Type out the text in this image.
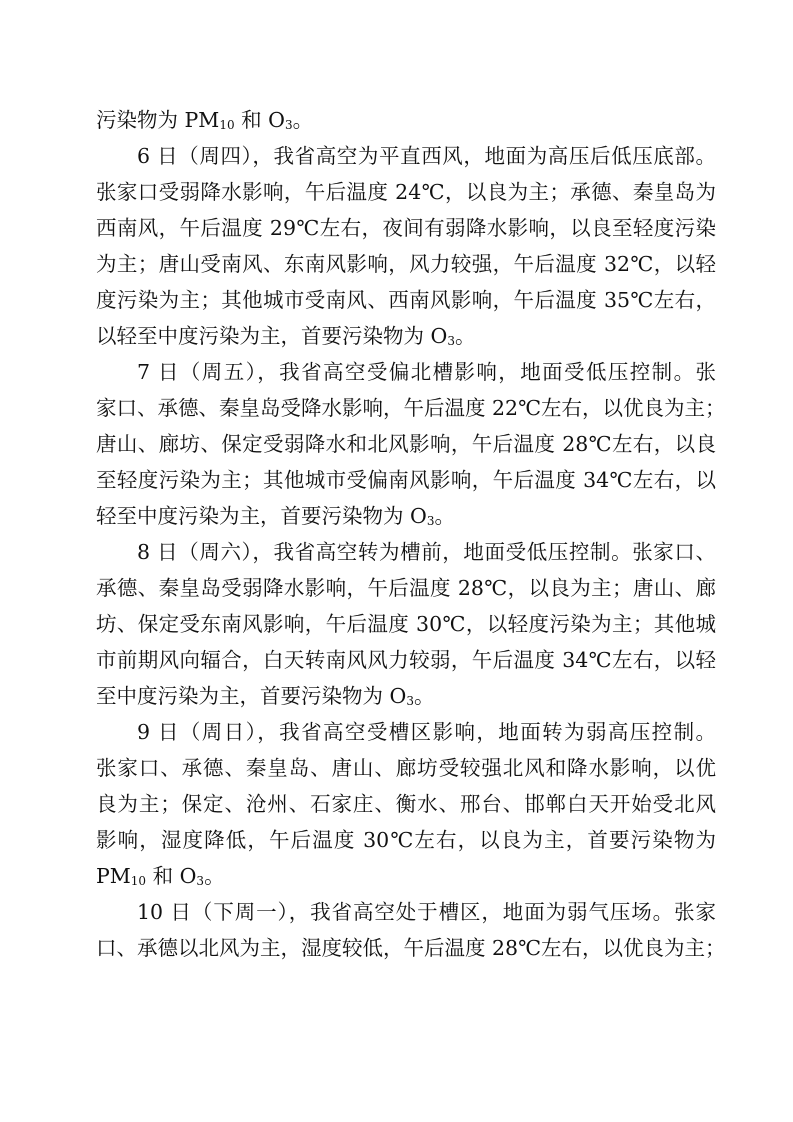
污染物为 $PM_{10}$ 和 $O_3$。
6 日（周四），我省高空为平直西风，地面为高压后低压底部。
张家口受弱降水影响，午后温度 24℃，以良为主；承德、秦皇岛为
西南风，午后温度 29℃左右，夜间有弱降水影响，以良至轻度污染
为主；唐山受南风、东南风影响，风力较强，午后温度 32℃，以轻
度污染为主；其他城市受南风、西南风影响，午后温度 35℃左右，
以轻至中度污染为主，首要污染物为 $O_3$。
7 日（周五），我省高空受偏北槽影响，地面受低压控制。张
家口、承德、秦皇岛受降水影响，午后温度 22℃左右，以优良为主；
唐山、廊坊、保定受弱降水和北风影响，午后温度 28℃左右，以良
至轻度污染为主；其他城市受偏南风影响，午后温度 34℃左右，以
轻至中度污染为主，首要污染物为 $O_3$。
8 日（周六），我省高空转为槽前，地面受低压控制。张家口、
承德、秦皇岛受弱降水影响，午后温度 28℃，以良为主；唐山、廊
坊、保定受东南风影响，午后温度 30℃，以轻度污染为主；其他城
市前期风向辐合，白天转南风风力较弱，午后温度 34℃左右，以轻
至中度污染为主，首要污染物为 $O_3$。
9 日（周日），我省高空受槽区影响，地面转为弱高压控制。
张家口、承德、秦皇岛、唐山、廊坊受较强北风和降水影响，以优
良为主；保定、沧州、石家庄、衡水、邢台、邯郸白天开始受北风
影响，湿度降低，午后温度 30℃左右，以良为主，首要污染物为
$PM_{10}$ 和 $O_3$。
10 日（下周一），我省高空处于槽区，地面为弱气压场。张家
口、承德以北风为主，湿度较低，午后温度 28℃左右，以优良为主；
